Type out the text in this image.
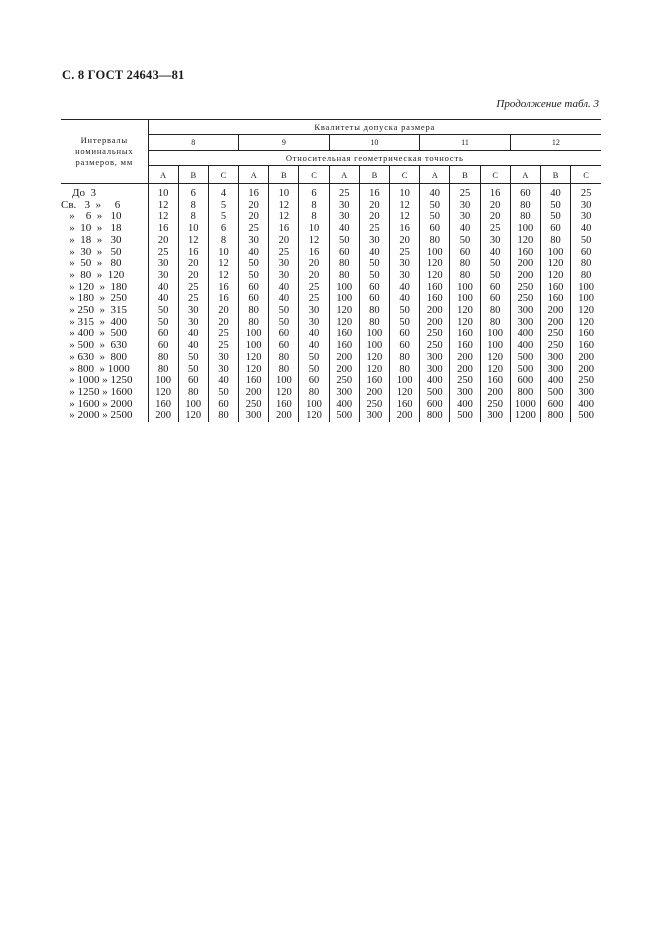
С. 8 ГОСТ 24643—81
Продолжение табл. 3
Интервалы
номинальных
размеров, мм	Квалитеты допуска размера														
	8			9			10			11			12		
	Относительная геометрическая точность														
	А	В	С	А	В	С	А	В	С	А	В	С	А	В	С
До  3	10	6	4	16	10	6	25	16	10	40	25	16	60	40	25
Св.   3  »     6	12	8	5	20	12	8	30	20	12	50	30	20	80	50	30
»    6  »   10	12	8	5	20	12	8	30	20	12	50	30	20	80	50	30
»  10  »   18	16	10	6	25	16	10	40	25	16	60	40	25	100	60	40
»  18  »   30	20	12	8	30	20	12	50	30	20	80	50	30	120	80	50
»  30  »   50	25	16	10	40	25	16	60	40	25	100	60	40	160	100	60
»  50  »   80	30	20	12	50	30	20	80	50	30	120	80	50	200	120	80
»  80  »  120	30	20	12	50	30	20	80	50	30	120	80	50	200	120	80
» 120  »  180	40	25	16	60	40	25	100	60	40	160	100	60	250	160	100
» 180  »  250	40	25	16	60	40	25	100	60	40	160	100	60	250	160	100
» 250  »  315	50	30	20	80	50	30	120	80	50	200	120	80	300	200	120
» 315  »  400	50	30	20	80	50	30	120	80	50	200	120	80	300	200	120
» 400  »  500	60	40	25	100	60	40	160	100	60	250	160	100	400	250	160
» 500  »  630	60	40	25	100	60	40	160	100	60	250	160	100	400	250	160
» 630  »  800	80	50	30	120	80	50	200	120	80	300	200	120	500	300	200
» 800  » 1000	80	50	30	120	80	50	200	120	80	300	200	120	500	300	200
» 1000 » 1250	100	60	40	160	100	60	250	160	100	400	250	160	600	400	250
» 1250 » 1600	120	80	50	200	120	80	300	200	120	500	300	200	800	500	300
» 1600 » 2000	160	100	60	250	160	100	400	250	160	600	400	250	1000	600	400
» 2000 » 2500	200	120	80	300	200	120	500	300	200	800	500	300	1200	800	500
